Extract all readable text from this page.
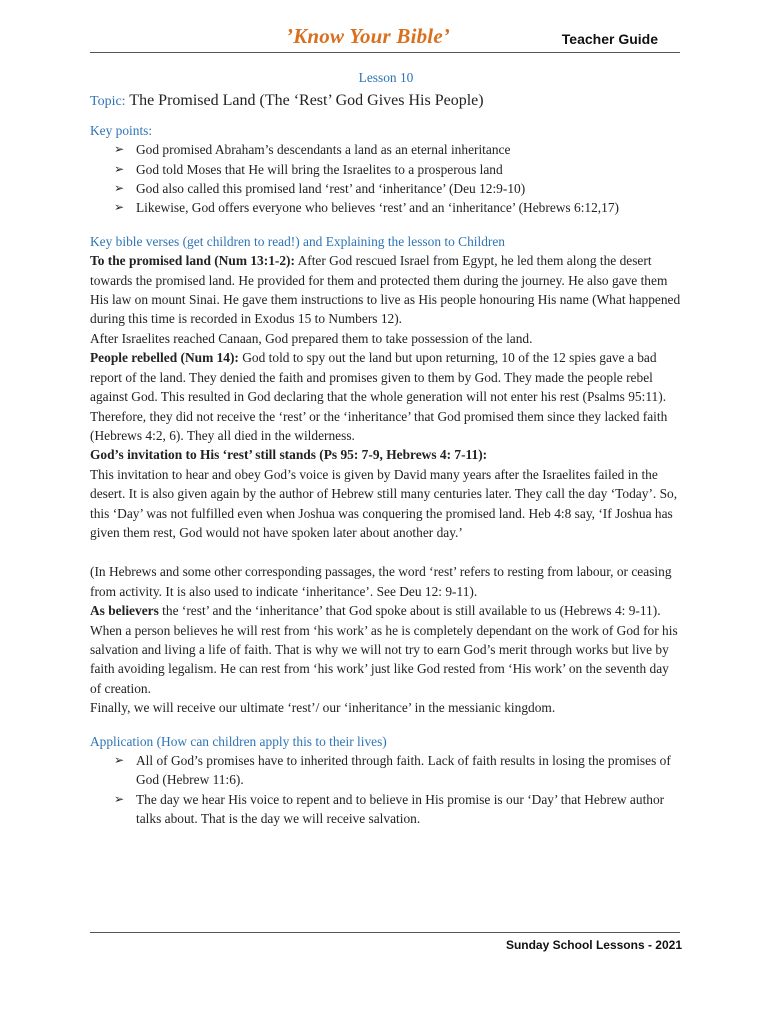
’Know Your Bible’	Teacher Guide
Lesson 10
Topic: The Promised Land (The ‘Rest’ God Gives His People)
Key points:
➢ God promised Abraham’s descendants a land as an eternal inheritance
➢ God told Moses that He will bring the Israelites to a prosperous land
➢ God also called this promised land ‘rest’ and ‘inheritance’ (Deu 12:9-10)
➢ Likewise, God offers everyone who believes ‘rest’ and an ‘inheritance’ (Hebrews 6:12,17)
Key bible verses (get children to read!) and Explaining the lesson to Children

To the promised land (Num 13:1-2): After God rescued Israel from Egypt, he led them along the desert towards the promised land. He provided for them and protected them during the journey. He also gave them His law on mount Sinai. He gave them instructions to live as His people honouring His name (What happened during this time is recorded in Exodus 15 to Numbers 12).

After Israelites reached Canaan, God prepared them to take possession of the land.

People rebelled (Num 14): God told to spy out the land but upon returning, 10 of the 12 spies gave a bad report of the land. They denied the faith and promises given to them by God. They made the people rebel against God. This resulted in God declaring that the whole generation will not enter his rest (Psalms 95:11). Therefore, they did not receive the ‘rest’ or the ‘inheritance’ that God promised them since they lacked faith (Hebrews 4:2, 6). They all died in the wilderness.

God’s invitation to His ‘rest’ still stands (Ps 95: 7-9, Hebrews 4: 7-11):

This invitation to hear and obey God’s voice is given by David many years after the Israelites failed in the desert. It is also given again by the author of Hebrew still many centuries later. They call the day ‘Today’. So, this ‘Day’ was not fulfilled even when Joshua was conquering the promised land. Heb 4:8 say, ‘If Joshua has given them rest, God would not have spoken later about another day.’

(In Hebrews and some other corresponding passages, the word ‘rest’ refers to resting from labour, or ceasing from activity. It is also used to indicate ‘inheritance’. See Deu 12: 9-11).

As believers the ‘rest’ and the ‘inheritance’ that God spoke about is still available to us (Hebrews 4: 9-11). When a person believes he will rest from ‘his work’ as he is completely dependant on the work of God for his salvation and living a life of faith. That is why we will not try to earn God’s merit through works but live by faith avoiding legalism. He can rest from ‘his work’ just like God rested from ‘His work’ on the seventh day of creation.

Finally, we will receive our ultimate ‘rest’/ our ‘inheritance’ in the messianic kingdom.

Application (How can children apply this to their lives)
➢ All of God’s promises have to inherited through faith. Lack of faith results in losing the promises of God (Hebrew 11:6).
➢ The day we hear His voice to repent and to believe in His promise is our ‘Day’ that Hebrew author talks about. That is the day we will receive salvation.
Sunday School Lessons - 2021
